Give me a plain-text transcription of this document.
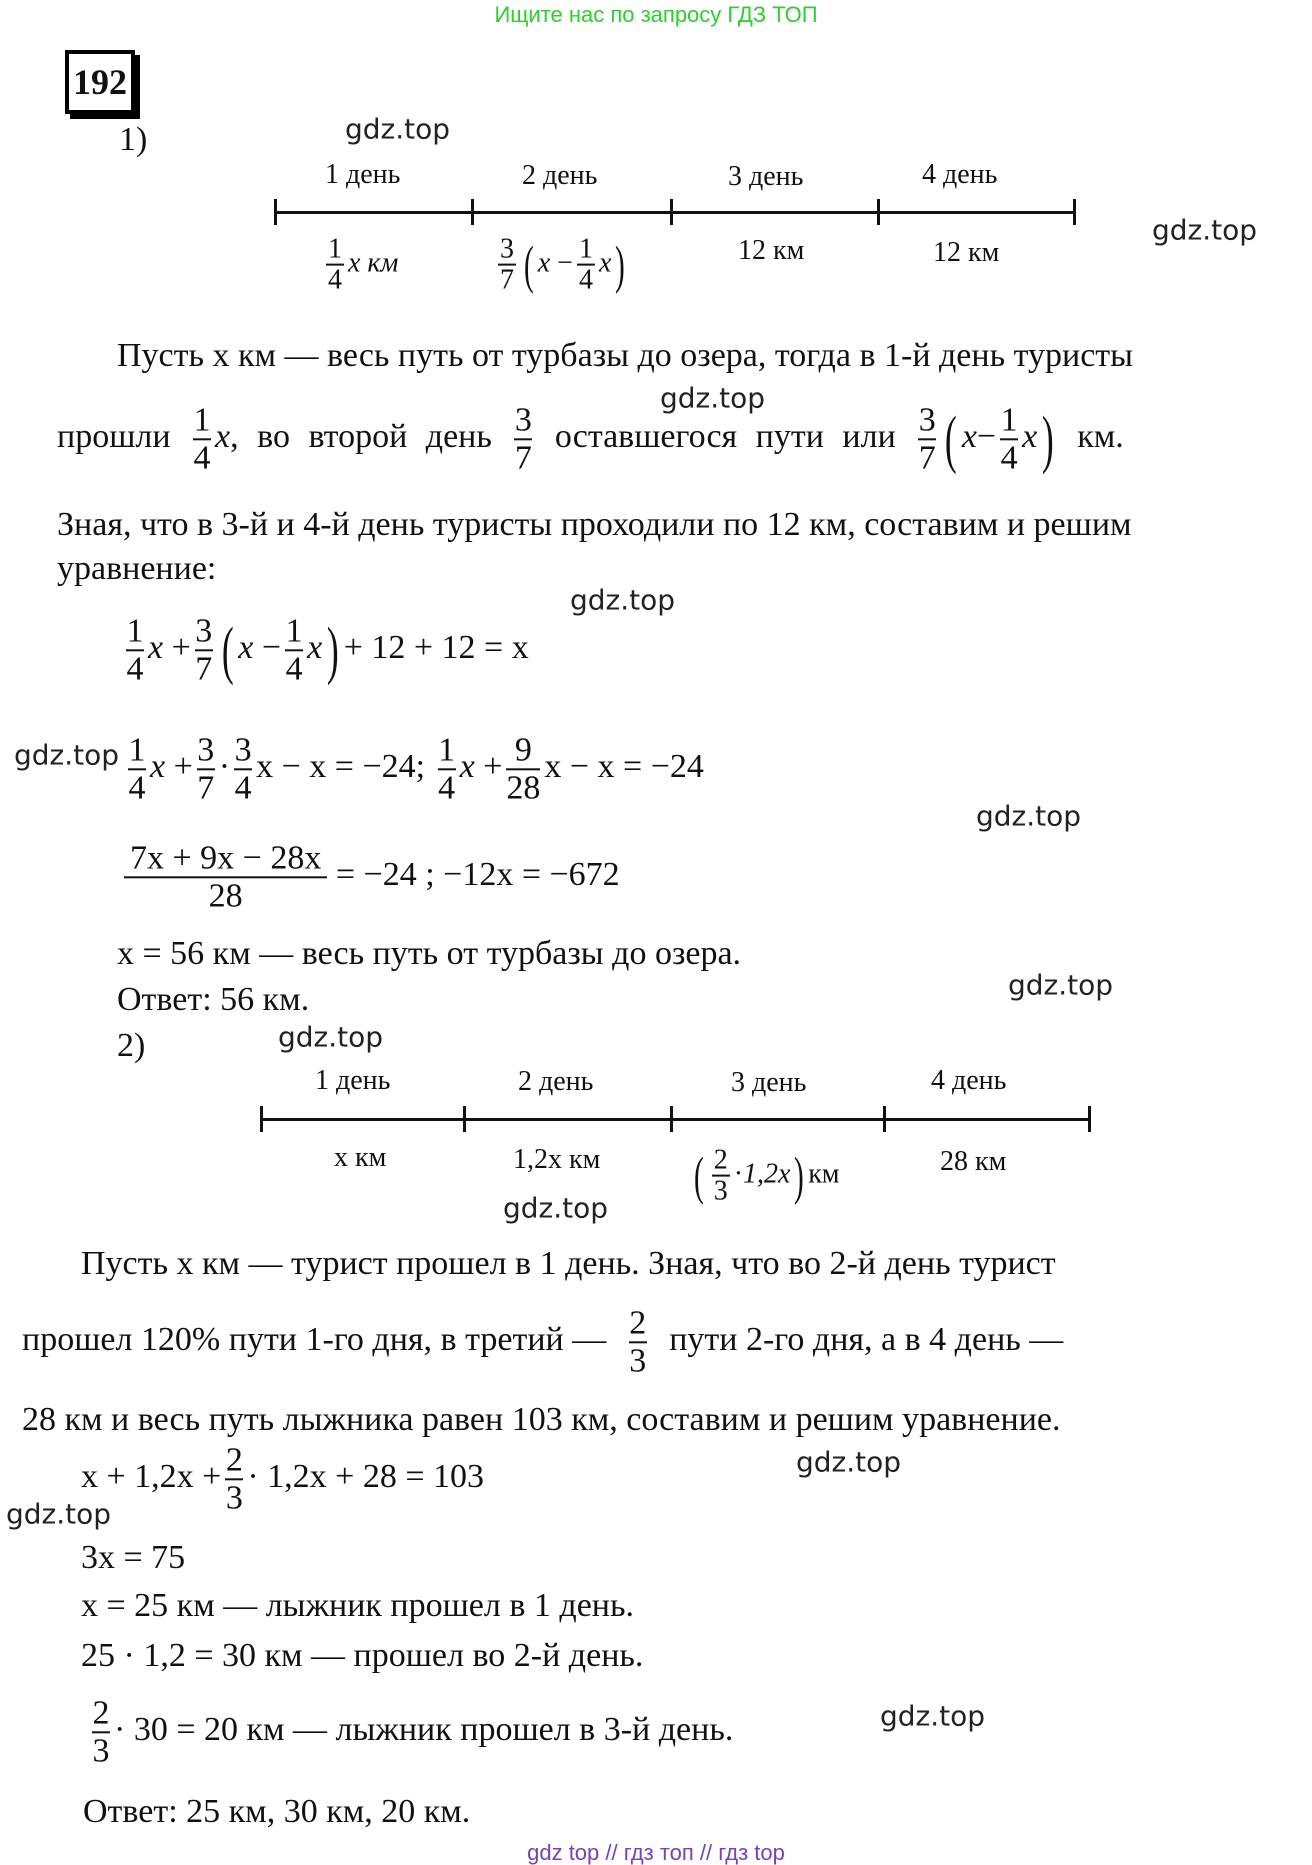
Ищите нас по запросу ГДЗ ТОП
192
1)	gdz.top
1 день	2 день	3 день	4 день
$\frac{1}{4}$ x км	$\frac{3}{7}$ ( $x - \frac{1}{4} x$)	12 км	12 км
gdz.top
Пусть x км — весь путь от турбазы до озера, тогда в 1-й день туристы
gdz.top
прошли $\frac{1}{4} x$, во второй день $\frac{3}{7}$ оставшегося пути или $\frac{3}{7}$ ( $x- \frac{1}{4} x$) км.
Зная, что в 3-й и 4-й день туристы проходили по 12 км, составим и решим
уравнение:
gdz.top
$\frac{1}{4}$ $x + \frac{3}{7}$ ( $x - \frac{1}{4} x) + 12 + 12 = x$
$gdz.top \frac{1}{4}$ $x + \frac{3}{7} \cdot \frac{3}{4}$ x − x = −24; $\frac{1}{4}$ $x + \frac{9}{28}$ x − x = −24
gdz.top
$\frac{7x + 9x - 28x}{28} = -24$ ; −12x = −672
x = 56 км — весь путь от турбазы до озера.
Ответ: 56 км.	gdz.top
2)	gdz.top
1 день	2 день	3 день	4 день
х км	1,2x км ( $\frac{2}{3} \cdot 1,2x$) км	28 км
gdz.top
Пусть x км — турист прошел в 1 день. Зная, что во 2-й день турист
прошел 120% пути 1-го дня, в третий — $\frac{2}{3}$ пути 2-го дня, а в 4 день —
28 км и весь путь лыжника равен 103 км, составим и решим уравнение.
$x + 1,2x + \frac{2}{3} \cdot 1,2x + 28 = 103$	gdz.top
gdz.top
3x = 75
x = 25 км — лыжник прошел в 1 день.
25 · 1,2 = 30 км — прошел во 2-й день.
$\frac{2}{3} \cdot 30 = 20$ км — лыжник прошел в 3-й день.	gdz.top
Ответ: 25 км, 30 км, 20 км.
gdz top // гдз топ // гдз top
